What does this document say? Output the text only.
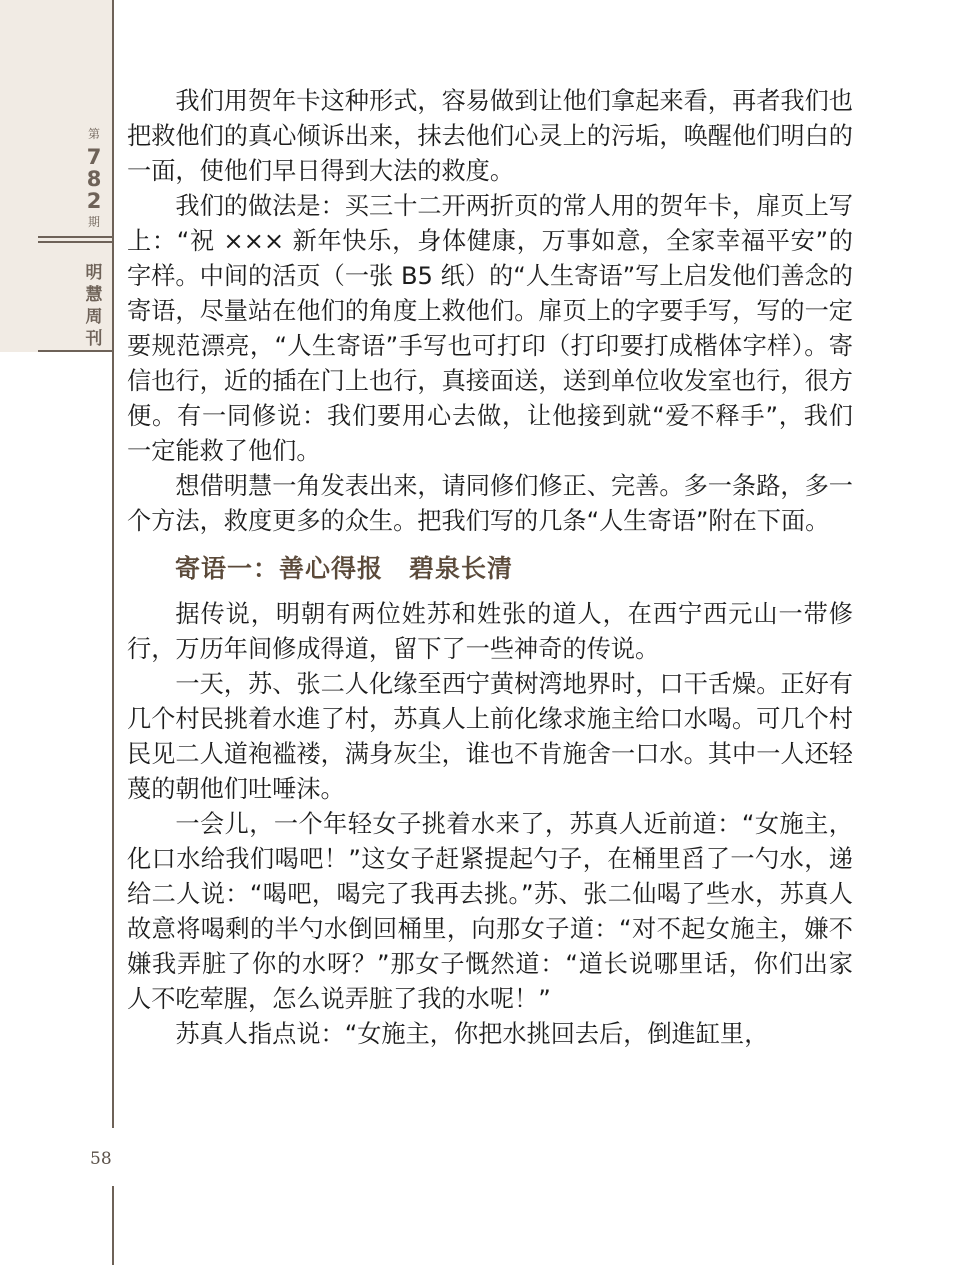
第
7
8
2
期
明
慧
周
刊
58

我们用贺年卡这种形式，容易做到让他们拿起来看，再者我们也把救他们的真心倾诉出来，抹去他们心灵上的污垢，唤醒他们明白的一面，使他们早日得到大法的救度。

我们的做法是：买三十二开两折页的常人用的贺年卡，扉页上写上：“祝 ××× 新年快乐，身体健康，万事如意，全家幸福平安”的字样。中间的活页（一张 B5 纸）的“人生寄语”写上启发他们善念的寄语，尽量站在他们的角度上救他们。扉页上的字要手写，写的一定要规范漂亮，“人生寄语”手写也可打印（打印要打成楷体字样）。寄信也行，近的插在门上也行，真接面送，送到单位收发室也行，很方便。有一同修说：我们要用心去做，让他接到就“爱不释手”，我们一定能救了他们。

想借明慧一角发表出来，请同修们修正、完善。多一条路，多一个方法，救度更多的众生。把我们写的几条“人生寄语”附在下面。

寄语一：善心得报　碧泉长清

据传说，明朝有两位姓苏和姓张的道人，在西宁西元山一带修行，万历年间修成得道，留下了一些神奇的传说。

一天，苏、张二人化缘至西宁黄树湾地界时，口干舌燥。正好有几个村民挑着水進了村，苏真人上前化缘求施主给口水喝。可几个村民见二人道袍褴褛，满身灰尘，谁也不肯施舍一口水。其中一人还轻蔑的朝他们吐唾沫。

一会儿，一个年轻女子挑着水来了，苏真人近前道：“女施主，化口水给我们喝吧！”这女子赶紧提起勺子，在桶里舀了一勺水，递给二人说：“喝吧，喝完了我再去挑。”苏、张二仙喝了些水，苏真人故意将喝剩的半勺水倒回桶里，向那女子道：“对不起女施主，嫌不嫌我弄脏了你的水呀？”那女子慨然道：“道长说哪里话，你们出家人不吃荤腥，怎么说弄脏了我的水呢！”

苏真人指点说：“女施主，你把水挑回去后，倒進缸里，
